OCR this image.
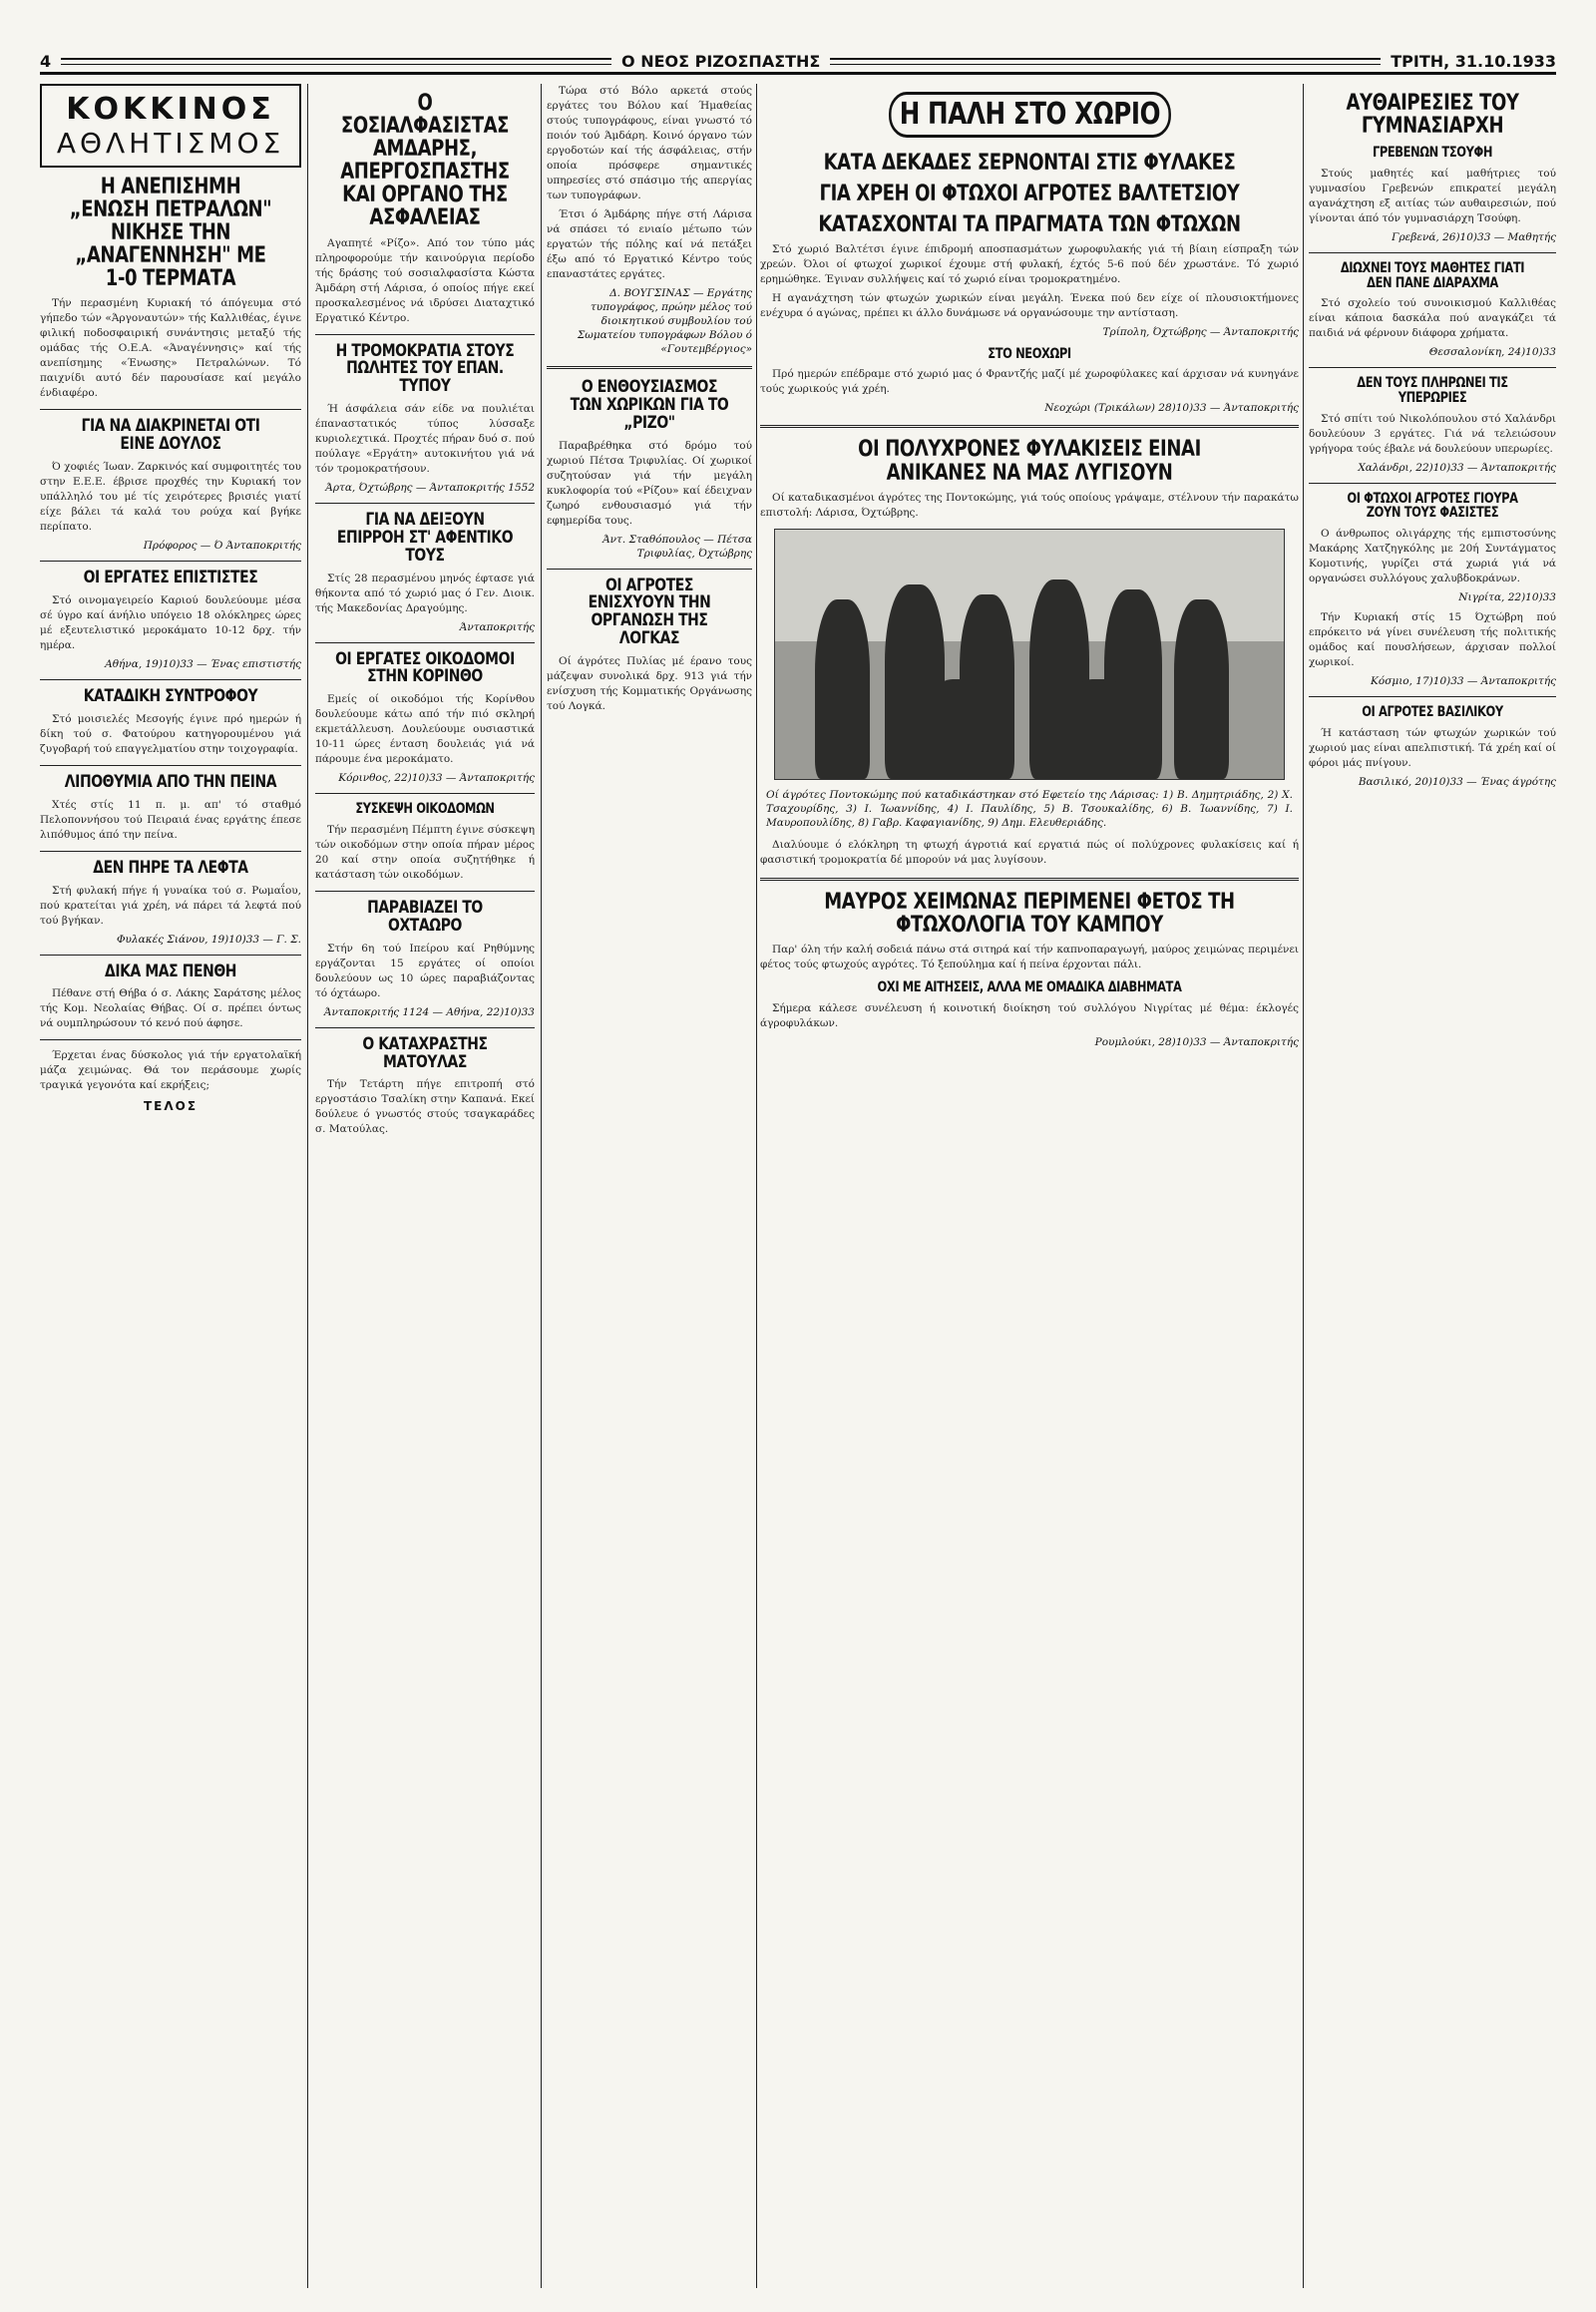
4	Ο ΝΕΟΣ ΡΙΖΟΣΠΑΣΤΗΣ	ΤΡΙΤΗ, 31.10.1933
ΚΟΚΚΙΝΟΣ
ΑΘΛΗΤΙΣΜΟΣ
Η ΑΝΕΠΙΣΗΜΗ „ΕΝΩΣΗ ΠΕΤΡΑΛΩΝ" ΝΙΚΗΣΕ ΤΗΝ „ΑΝΑΓΕΝΝΗΣΗ" ΜΕ 1-0 ΤΕΡΜΑΤΑ

Τήν περασμένη Κυριακή τό άπόγευμα στό γήπεδο τών «Άργοναυτών» τής Καλλιθέας, έγινε φιλική ποδοσφαιρική συνάντησις μεταξύ τής ομάδας τής Ο.Ε.Α. «Άναγέννησις» καί τής ανεπίσημης «Ένωσης» Πετραλώνων. Τό παιχνίδι αυτό δέν παρουσίασε καί μεγάλο ένδιαφέρο.

ΓΙΑ ΝΑ ΔΙΑΚΡΙΝΕΤΑΙ ΟΤΙ ΕΙΝΕ ΔΟΥΛΟΣ

Ό χοφιές Ίωαν. Ζαρκινός καί συμφοιτητές του στην Ε.Ε.Ε. έβρισε προχθές την Κυριακή τον υπάλληλό του μέ τίς χειρότερες βρισιές γιατί είχε βάλει τά καλά του ρούχα καί βγήκε περίπατο.

Πρόφορος — Ό Άνταποκριτής

ΟΙ ΕΡΓΑΤΕΣ ΕΠΙΣΤΙΣΤΕΣ

Στό οινομαγειρείο Καριού δουλεύουμε μέσα σέ ύγρο καί άνήλιο υπόγειο 18 ολόκληρες ώρες μέ εξευτελιστικό μεροκάματο 10-12 δρχ. τήν ημέρα.

Αθήνα, 19)10)33 — Ένας επιστιστής

ΚΑΤΑΔΙΚΗ ΣΥΝΤΡΟΦΟΥ

Στό μοισιελές Μεσογής έγινε πρό ημερών ή δίκη τού σ. Φατούρου κατηγορουμένου γιά ζυγοβαρή τού επαγγελματίου στην τοιχογραφία.

ΛΙΠΟΘΥΜΙΑ ΑΠΟ ΤΗΝ ΠΕΙΝΑ

Χτές στίς 11 π. μ. απ' τό σταθμό Πελοποννήσου τού Πειραιά ένας εργάτης έπεσε λιπόθυμος άπό την πείνα.

ΔΕΝ ΠΗΡΕ ΤΑ ΛΕΦΤΑ

Στή φυλακή πήγε ή γυναίκα τού σ. Ρωμαΐου, πού κρατείται γιά χρέη, νά πάρει τά λεφτά πού τού βγήκαν.

Φυλακές Σιάνου, 19)10)33 — Γ. Σ.

ΔΙΚΑ ΜΑΣ ΠΕΝΘΗ

Πέθανε στή Θήβα ό σ. Λάκης Σαράτσης μέλος τής Κομ. Νεολαίας Θήβας. Οί σ. πρέπει όντως νά ουμπληρώσουν τό κενό πού άφησε.

Έρχεται ένας δύσκολος γιά τήν εργατολαϊκή μάζα χειμώνας. Θά τον περάσουμε χωρίς τραγικά γεγονότα καί εκρήξεις;

ΤΕΛΟΣ
Ο ΣΟΣΙΑΛΦΑΣΙΣΤΑΣ ΑΜΔΑΡΗΣ, ΑΠΕΡΓΟΣΠΑΣΤΗΣ ΚΑΙ ΟΡΓΑΝΟ ΤΗΣ ΑΣΦΑΛΕΙΑΣ

Αγαπητέ «Ρίζο». Από τον τύπο μάς πληροφορούμε τήν καινούργια περίοδο τής δράσης τού σοσιαλφασίστα Κώστα Άμδάρη στή Λάρισα, ό οποίος πήγε εκεί προσκαλεσμένος νά ιδρύσει Διαταχτικό Εργατικό Κέντρο.

Η ΤΡΟΜΟΚΡΑΤΙΑ ΣΤΟΥΣ ΠΩΛΗΤΕΣ ΤΟΥ ΕΠΑΝ. ΤΥΠΟΥ

Ή άσφάλεια σάν είδε να πουλιέται έπαναστατικός τύπος λύσσαξε κυριολεχτικά. Προχτές πήραν δυό σ. πού πούλαγε «Εργάτη» αυτοκινήτου γιά νά τόν τρομοκρατήσουν.

Άρτα, Όχτώβρης — Άνταποκριτής 1552

ΓΙΑ ΝΑ ΔΕΙΞΟΥΝ ΕΠΙΡΡΟΗ ΣΤ' ΑΦΕΝΤΙΚΟ ΤΟΥΣ

Στίς 28 περασμένου μηνός έφτασε γιά θήκοντα από τό χωριό μας ό Γεν. Διοικ. τής Μακεδονίας Δραγούμης.

Άνταποκριτής

ΟΙ ΕΡΓΑΤΕΣ ΟΙΚΟΔΟΜΟΙ ΣΤΗΝ ΚΟΡΙΝΘΟ

Εμείς οί οικοδόμοι τής Κορίνθου δουλεύουμε κάτω από τήν πιό σκληρή εκμετάλλευση. Δουλεύουμε ουσιαστικά 10-11 ώρες ένταση δουλειάς γιά νά πάρουμε ένα μεροκάματο.

Κόρινθος, 22)10)33 — Άνταποκριτής

ΣΥΣΚΕΨΗ ΟΙΚΟΔΟΜΩΝ

Τήν περασμένη Πέμπτη έγινε σύσκεψη τών οικοδόμων στην οποία πήραν μέρος 20 καί στην οποία συζητήθηκε ή κατάσταση τών οικοδόμων.

ΠΑΡΑΒΙΑΖΕΙ ΤΟ ΟΧΤΑΩΡΟ

Στήν 6η τού Ιπείρου καί Ρηθύμνης εργάζονται 15 εργάτες οί οποίοι δουλεύουν ως 10 ώρες παραβιάζοντας τό όχτάωρο.

Άνταποκριτής 1124 — Αθήνα, 22)10)33

Ο ΚΑΤΑΧΡΑΣΤΗΣ ΜΑΤΟΥΛΑΣ

Τήν Τετάρτη πήγε επιτροπή στό εργοστάσιο Τσαλίκη στην Καπανά. Εκεί δούλευε ό γνωστός στούς τσαγκαράδες σ. Ματούλας.

Τώρα στό Βόλο αρκετά στούς εργάτες του Βόλου καί Ήμαθείας στούς τυπογράφους, είναι γνωστό τό ποιόν τού Άμδάρη. Κοινό όργανο τών εργοδοτών καί τής άσφάλειας, στήν οποία πρόσφερε σημαντικές υπηρεσίες στό σπάσιμο τής απεργίας των τυπογράφων.

Έτσι ό Άμδάρης πήγε στή Λάρισα νά σπάσει τό ενιαίο μέτωπο τών εργατών τής πόλης καί νά πετάξει έξω από τό Εργατικό Κέντρο τούς επαναστάτες εργάτες.

Δ. ΒΟΥΓΣΙΝΑΣ — Εργάτης τυπογράφος, πρώην μέλος τού διοικητικού συμβουλίου τού Σωματείου τυπογράφων Βόλου ό «Γουτεμβέργιος»

Ο ΕΝΘΟΥΣΙΑΣΜΟΣ ΤΩΝ ΧΩΡΙΚΩΝ ΓΙΑ ΤΟ „ΡΙΖΟ"

Παραβρέθηκα στό δρόμο τού χωριού Πέτσα Τριφυλίας. Οί χωρικοί συζητούσαν γιά τήν μεγάλη κυκλοφορία τού «Ρίζου» καί έδειχναν ζωηρό ενθουσιασμό γιά τήν εφημερίδα τους.

Άντ. Σταθόπουλος — Πέτσα Τριφυλίας, Όχτώβρης

ΟΙ ΑΓΡΟΤΕΣ ΕΝΙΣΧΥΟΥΝ ΤΗΝ ΟΡΓΑΝΩΣΗ ΤΗΣ ΛΟΓΚΑΣ

Οί άγρότες Πυλίας μέ έρανο τους μάζεψαν συνολικά δρχ. 913 γιά τήν ενίσχυση τής Κομματικής Οργάνωσης τού Λογκά.

Η ΠΑΛΗ ΣΤΟ ΧΩΡΙΟ
ΚΑΤΑ ΔΕΚΑΔΕΣ ΣΕΡΝΟΝΤΑΙ ΣΤΙΣ ΦΥΛΑΚΕΣ
ΓΙΑ ΧΡΕΗ ΟΙ ΦΤΩΧΟΙ ΑΓΡΟΤΕΣ ΒΑΛΤΕΤΣΙΟΥ
ΚΑΤΑΣΧΟΝΤΑΙ ΤΑ ΠΡΑΓΜΑΤΑ ΤΩΝ ΦΤΩΧΩΝ

Στό χωριό Βαλτέτσι έγινε έπιδρομή αποσπασμάτων χωροφυλακής γιά τή βίαιη είσπραξη τών χρεών. Όλοι οί φτωχοί χωρικοί έχουμε στή φυλακή, έχτός 5-6 πού δέν χρωστάνε. Τό χωριό ερημώθηκε. Έγιναν συλλήψεις καί τό χωριό είναι τρομοκρατημένο.

Η αγανάχτηση τών φτωχών χωρικών είναι μεγάλη. Ένεκα πού δεν είχε οί πλουσιοκτήμονες ενέχυρα ό αγώνας, πρέπει κι άλλο δυνάμωσε νά οργανώσουμε την αντίσταση.

Τρίπολη, Όχτώβρης — Άνταποκριτής

ΣΤΟ ΝΕΟΧΩΡΙ

Πρό ημερών επέδραμε στό χωριό μας ό Φραντζής μαζί μέ χωροφύλακες καί άρχισαν νά κυνηγάνε τούς χωρικούς γιά χρέη.

Νεοχώρι (Τρικάλων) 28)10)33 — Άνταποκριτής

ΟΙ ΠΟΛΥΧΡΟΝΕΣ ΦΥΛΑΚΙΣΕΙΣ ΕΙΝΑΙ ΑΝΙΚΑΝΕΣ ΝΑ ΜΑΣ ΛΥΓΙΣΟΥΝ

Οί καταδικασμένοι άγρότες της Ποντοκώμης, γιά τούς οποίους γράψαμε, στέλνουν τήν παρακάτω επιστολή: Λάρισα, Όχτώβρης.

Οί άγρότες Ποντοκώμης πού καταδικάστηκαν στό Εφετείο της Λάρισας: 1) Β. Δημητριάδης, 2) Χ. Τσαχουρίδης, 3) Ι. Ίωαννίδης, 4) Ι. Παυλίδης, 5) Β. Τσουκαλίδης, 6) Β. Ίωαννίδης, 7) Ι. Μαυροπουλίδης, 8) Γαβρ. Καφαγιανίδης, 9) Δημ. Ελευθεριάδης.

Διαλύουμε ό ελόκληρη τη φτωχή άγροτιά καί εργατιά πώς οί πολύχρονες φυλακίσεις καί ή φασιστική τρομοκρατία δέ μπορούν νά μας λυγίσουν.

ΜΑΥΡΟΣ ΧΕΙΜΩΝΑΣ ΠΕΡΙΜΕΝΕΙ ΦΕΤΟΣ ΤΗ ΦΤΩΧΟΛΟΓΙΑ ΤΟΥ ΚΑΜΠΟΥ

Παρ' όλη τήν καλή σοδειά πάνω στά σιτηρά καί τήν καπνοπαραγωγή, μαύρος χειμώνας περιμένει φέτος τούς φτωχούς αγρότες. Τό ξεπούλημα καί ή πείνα έρχονται πάλι.

ΟΧΙ ΜΕ ΑΙΤΗΣΕΙΣ, ΑΛΛΑ ΜΕ ΟΜΑΔΙΚΑ ΔΙΑΒΗΜΑΤΑ

Σήμερα κάλεσε συνέλευση ή κοινοτική διοίκηση τού συλλόγου Νιγρίτας μέ θέμα: έκλογές άγροφυλάκων.

Ρουμλούκι, 28)10)33 — Άνταποκριτής

ΑΥΘΑΙΡΕΣΙΕΣ ΤΟΥ ΓΥΜΝΑΣΙΑΡΧΗ
ΓΡΕΒΕΝΩΝ ΤΣΟΥΦΗ

Στούς μαθητές καί μαθήτριες τού γυμνασίου Γρεβενών επικρατεί μεγάλη αγανάχτηση εξ αιτίας τών αυθαιρεσιών, πού γίνονται άπό τόν γυμνασιάρχη Τσούφη.

Γρεβενά, 26)10)33 — Μαθητής

ΔΙΩΧΝΕΙ ΤΟΥΣ ΜΑΘΗΤΕΣ ΓΙΑΤΙ ΔΕΝ ΠΑΝΕ ΔΙΑΡΑΧΜΑ

Στό σχολείο τού συνοικισμού Καλλιθέας είναι κάποια δασκάλα πού αναγκάζει τά παιδιά νά φέρνουν διάφορα χρήματα.

Θεσσαλονίκη, 24)10)33

ΔΕΝ ΤΟΥΣ ΠΛΗΡΩΝΕΙ ΤΙΣ ΥΠΕΡΩΡΙΕΣ

Στό σπίτι τού Νικολόπουλου στό Χαλάνδρι δουλεύουν 3 εργάτες. Γιά νά τελειώσουν γρήγορα τούς έβαλε νά δουλεύουν υπερωρίες.

Χαλάνδρι, 22)10)33 — Άνταποκριτής

ΟΙ ΦΤΩΧΟΙ ΑΓΡΟΤΕΣ ΓΙΟΥΡΑ ΖΟΥΝ ΤΟΥΣ ΦΑΣΙΣΤΕΣ

Ο άνθρωπος ολιγάρχης τής εμπιστοσύνης Μακάρης Χατζηγκόλης με 20ή Συντάγματος Κομοτινής, γυρίζει στά χωριά γιά νά οργανώσει συλλόγους χαλυβδοκράνων.

Νιγρίτα, 22)10)33

Τήν Κυριακή στίς 15 Όχτώβρη πού επρόκειτο νά γίνει συνέλευση τής πολιτικής ομάδος καί πουσλήσεων, άρχισαν πολλοί χωρικοί.

Κόσμιο, 17)10)33 — Άνταποκριτής

ΟΙ ΑΓΡΟΤΕΣ ΒΑΣΙΛΙΚΟΥ

Ή κατάσταση τών φτωχών χωρικών τού χωριού μας είναι απελπιστική. Τά χρέη καί οί φόροι μάς πνίγουν.

Βασιλικό, 20)10)33 — Ένας άγρότης
